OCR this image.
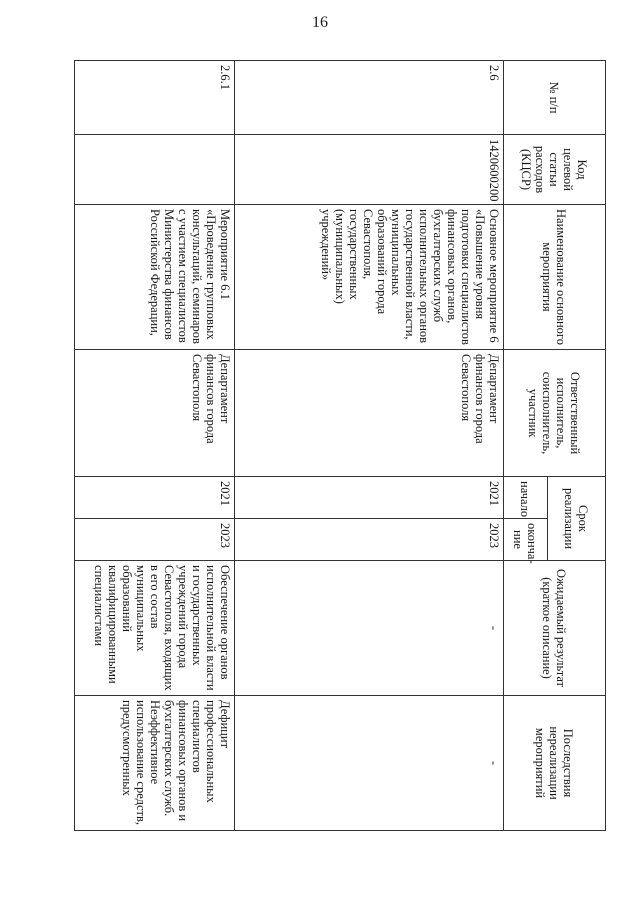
16
№ п/п	Код целевой статьи расходов (КЦСР)	Наименование основного мероприятия	Ответственный исполнитель, соисполнитель, участник	Срок реализации		Ожидаемый результат (краткое описание)	Последствия нереализации мероприятий
				начало	оконча-ние		
2.6	1420600200	Основное мероприятие 6 «Повышение уровня подготовки специалистов финансовых органов, бухгалтерских служб исполнительных органов государственной власти, муниципальных образований города Севастополя, государственных (муниципальных) учреждений»	Департамент финансов города Севастополя	2021	2023	-	-
2.6.1		Мероприятие 6.1 «Проведение групповых консультаций, семинаров с участием специалистов Министерства финансов Российской Федерации,	Департамент финансов города Севастополя	2021	2023	Обеспечение органов исполнительной власти и государственных учреждений города Севастополя, входящих в его состав муниципальных образований квалифицированными специалистами	Дефицит профессиональных специалистов финансовых органов и бухгалтерских служб. Неэффективное использование средств, предусмотренных
